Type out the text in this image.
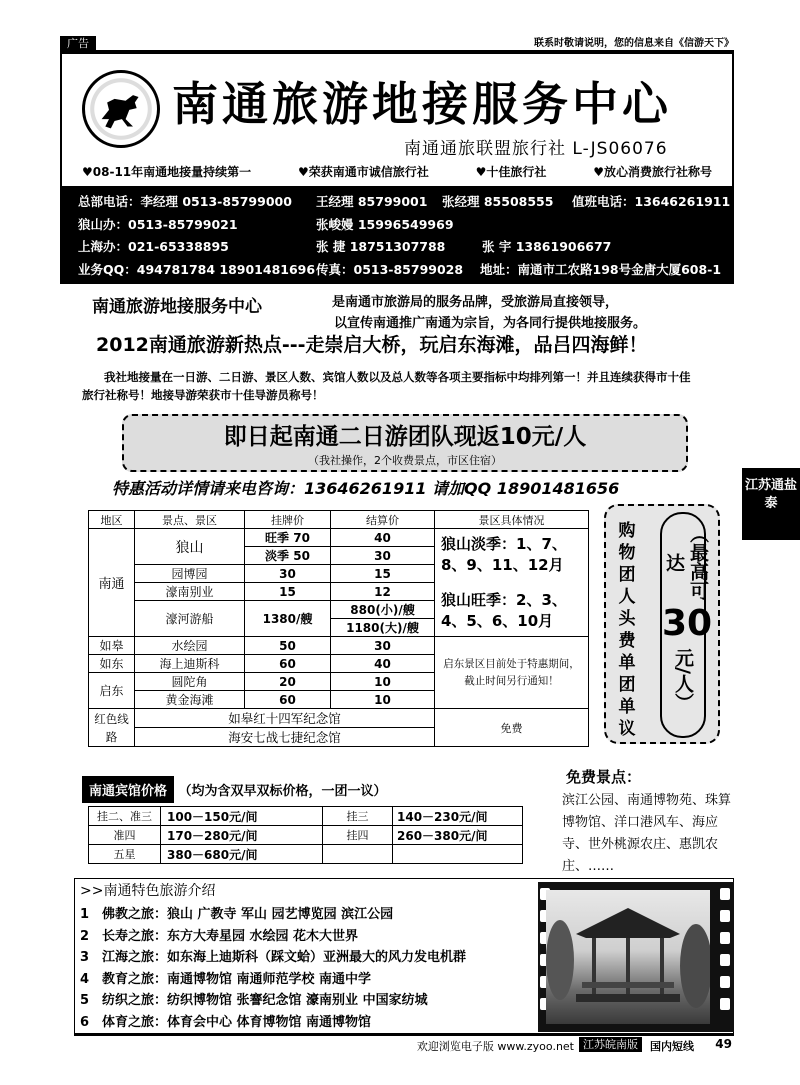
广告	联系时敬请说明，您的信息来自《信游天下》
南通旅游地接服务中心
南通通旅联盟旅行社 L-JS06076
♥08-11年南通地接量持续第一	♥荣获南通市诚信旅行社	♥十佳旅行社	♥放心消费旅行社称号
总部电话：李经理 0513-85799000 王经理 85799001 张经理 85508555 值班电话：13646261911
狼山办：0513-85799021	张峻嫚 15996549969
上海办：021-65338895	张 捷 18751307788	张 宇 13861906677
业务QQ：494781784 18901481696 传真：0513-85799028 地址：南通市工农路198号金唐大厦608-1
南通旅游地接服务中心	是南通市旅游局的服务品牌，受旅游局直接领导，
以宣传南通推广南通为宗旨，为各同行提供地接服务。
2012南通旅游新热点---走崇启大桥，玩启东海滩，品吕四海鲜！
我社地接量在一日游、二日游、景区人数、宾馆人数以及总人数等各项主要指标中均排列第一！并且连续获得市十佳
旅行社称号！地接导游荣获市十佳导游员称号！
即日起南通二日游团队现返10元/人
（我社操作，2个收费景点，市区住宿）
特惠活动详情请来电咨询：13646261911 请加QQ 18901481656	江苏通盐
泰
地区	景点、景区	挂牌价	结算价	景区具体情况
南通	狼山	旺季 70	40	狼山淡季：1、7、8、9、11、12月
狼山旺季：2、3、4、5、6、10月

		淡季 50	30	
	园博园	30	15	
	濠南别业	15	12	
	濠河游船	1380/艘	880(小)/艘	
			1180(大)/艘	
如皋	水绘园	50	30	启东景区目前处于特惠期间，截止时间另行通知！
如东	海上迪斯科	60	40	
启东	圆陀角	20	10	
	黄金海滩	60	10	
红色线路	如皋红十四军纪念馆			免费
	海安七战七捷纪念馆			
购物团人头费单团单议
（最高可达
30
元/人）
南通宾馆价格 （均为含双早双标价格，一团一议）
挂二、准三	100－150元/间	挂三	140－230元/间
准四	170－280元/间	挂四	260－380元/间
五星	380－680元/间		
免费景点：
滨江公园、南通博物苑、珠算博物馆、洋口港风车、海应寺、世外桃源农庄、惠凯农庄、……
>>南通特色旅游介绍
1 佛教之旅：狼山 广教寺 军山 园艺博览园 滨江公园
2 长寿之旅：东方大寿星园 水绘园 花木大世界
3 江海之旅：如东海上迪斯科（踩文蛤）亚洲最大的风力发电机群
4 教育之旅：南通博物馆 南通师范学校 南通中学
5 纺织之旅：纺织博物馆 张謇纪念馆 濠南别业 中国家纺城
6 体育之旅：体育会中心 体育博物馆 南通博物馆
欢迎浏览电子版 www.zyoo.net 江苏皖南版	国内短线 49
